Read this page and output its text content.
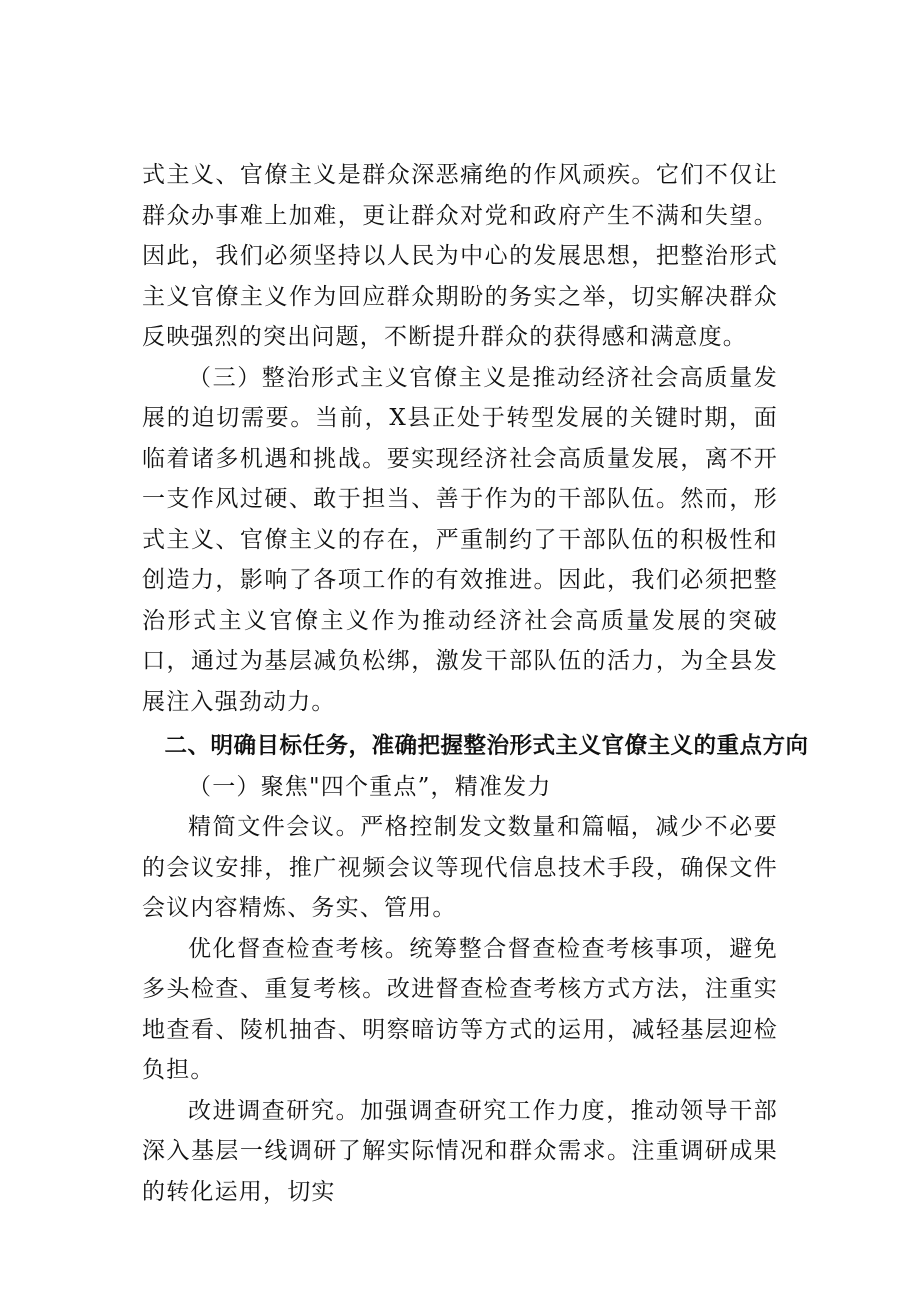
式主义、官僚主义是群众深恶痛绝的作风顽疾。它们不仅让群众办事难上加难，更让群众对党和政府产生不满和失望。因此，我们必须坚持以人民为中心的发展思想，把整治形式主义官僚主义作为回应群众期盼的务实之举，切实解决群众反映强烈的突出问题，不断提升群众的获得感和满意度。

（三）整治形式主义官僚主义是推动经济社会高质量发展的迫切需要。当前，X县正处于转型发展的关键时期，面临着诸多机遇和挑战。要实现经济社会高质量发展，离不开一支作风过硬、敢于担当、善于作为的干部队伍。然而，形式主义、官僚主义的存在，严重制约了干部队伍的积极性和创造力，影响了各项工作的有效推进。因此，我们必须把整治形式主义官僚主义作为推动经济社会高质量发展的突破口，通过为基层减负松绑，激发干部队伍的活力，为全县发展注入强劲动力。

二、明确目标任务，准确把握整治形式主义官僚主义的重点方向

（一）聚焦"四个重点”，精准发力

精简文件会议。严格控制发文数量和篇幅，减少不必要的会议安排，推广视频会议等现代信息技术手段，确保文件会议内容精炼、务实、管用。

优化督查检查考核。统筹整合督查检查考核事项，避免多头检查、重复考核。改进督查检查考核方式方法，注重实地查看、陵机抽杳、明察暗访等方式的运用，减轻基层迎检负担。

改进调查研究。加强调查研究工作力度，推动领导干部深入基层一线调研了解实际情况和群众需求。注重调研成果的转化运用，切实
